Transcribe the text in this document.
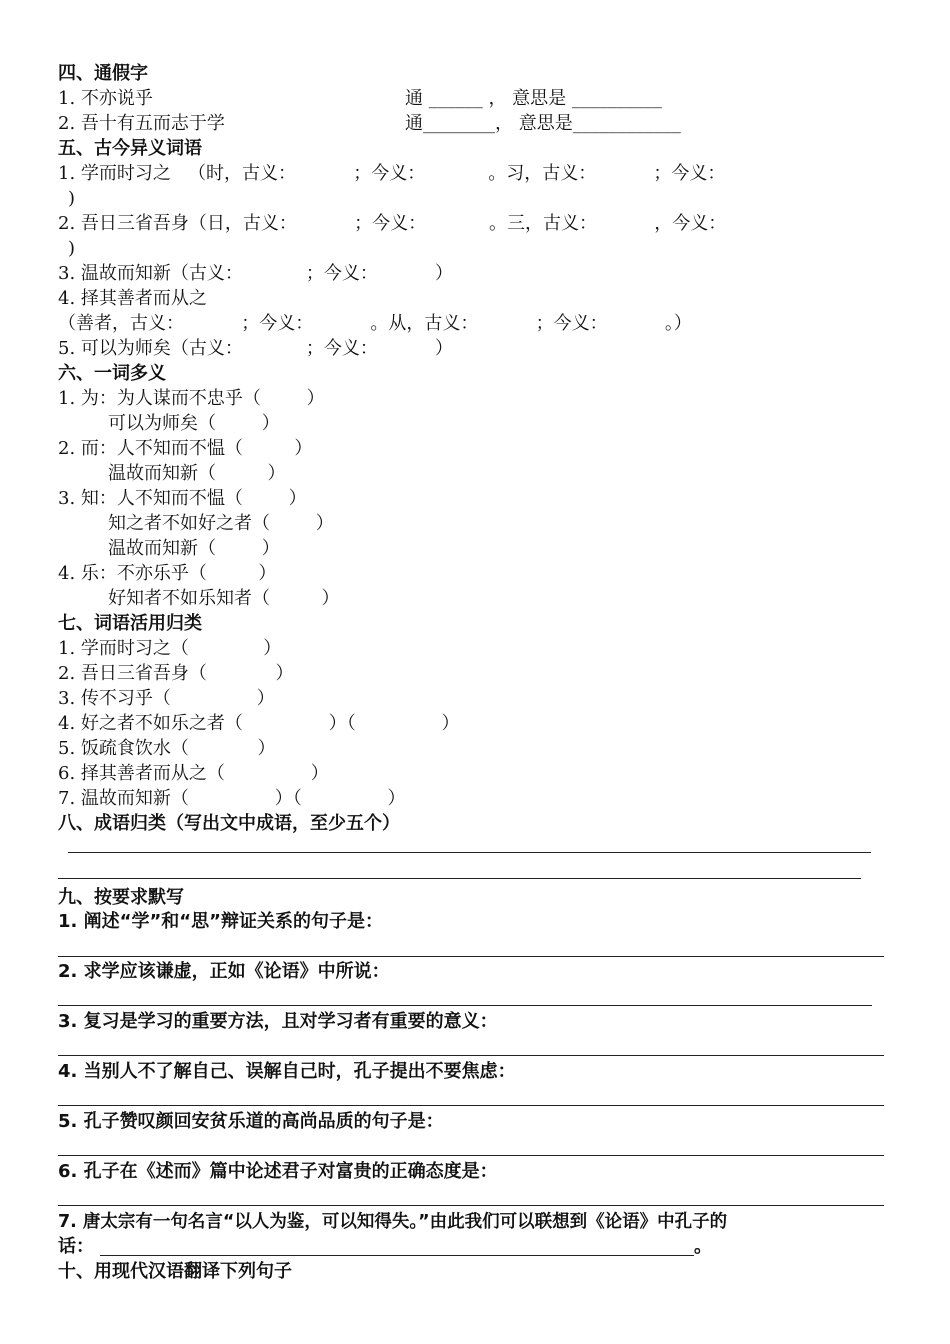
四、通假字
1. 不亦说乎	通 ______ ， 意思是 __________
2. 吾十有五而志于学	通________， 意思是____________
五、古今异义词语
1. 学而时习之   （时，古义：          ；今义：           。习，古义：          ；今义：
)
2. 吾日三省吾身（日，古义：          ；今义：           。三，古义：          ，今义：
)
3. 温故而知新（古义：           ；今义：          ）
4. 择其善者而从之
（善者，古义：          ；今义：          。从，古义：          ；今义：          。）
5. 可以为师矣（古义：           ；今义：          ）
六、一词多义
1. 为：为人谋而不忠乎（        ）
可以为师矣（        ）
2. 而：人不知而不愠（         ）
温故而知新（         ）
3. 知：人不知而不愠（        ）
知之者不如好之者（        ）
温故而知新（        ）
4. 乐：不亦乐乎（         ）
好知者不如乐知者（         ）
七、词语活用归类
1. 学而时习之（             ）
2. 吾日三省吾身（            ）
3. 传不习乎（               ）
4. 好之者不如乐之者（               ）（               ）
5. 饭疏食饮水（            ）
6. 择其善者而从之（               ）
7. 温故而知新（               ）（               ）
八、成语归类（写出文中成语，至少五个）
九、按要求默写
1. 阐述“学”和“思”辩证关系的句子是：
2. 求学应该谦虚，正如《论语》中所说：
3. 复习是学习的重要方法，且对学习者有重要的意义：
4. 当别人不了解自己、误解自己时，孔子提出不要焦虑：
5. 孔子赞叹颜回安贫乐道的高尚品质的句子是：
6. 孔子在《述而》篇中论述君子对富贵的正确态度是：
7. 唐太宗有一句名言“以人为鉴，可以知得失。”由此我们可以联想到《论语》中孔子的
话：	。
十、用现代汉语翻译下列句子
